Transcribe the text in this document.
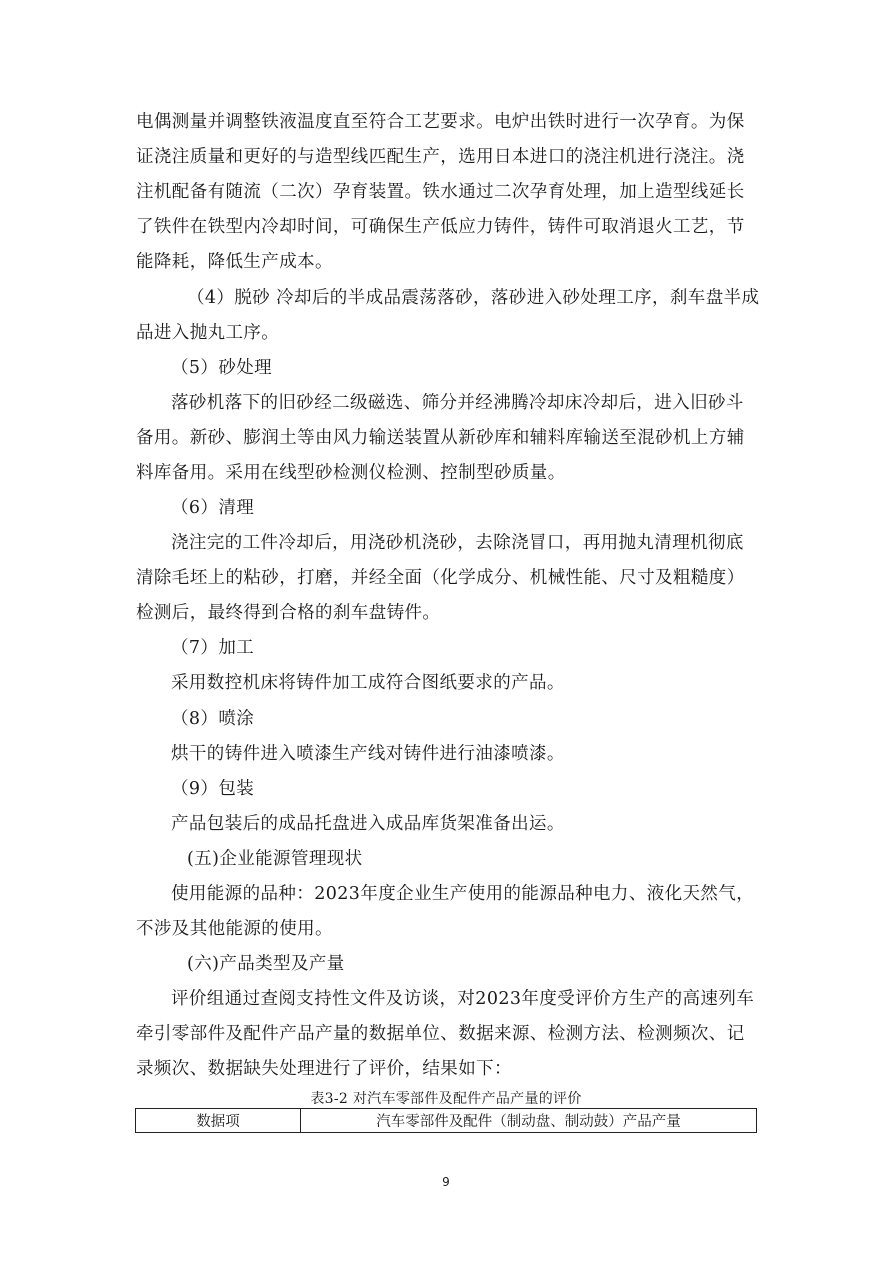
电偶测量并调整铁液温度直至符合工艺要求。电炉出铁时进行一次孕育。为保
证浇注质量和更好的与造型线匹配生产，选用日本进口的浇注机进行浇注。浇
注机配备有随流（二次）孕育装置。铁水通过二次孕育处理，加上造型线延长
了铁件在铁型内冷却时间，可确保生产低应力铸件，铸件可取消退火工艺，节
能降耗，降低生产成本。
（4）脱砂 冷却后的半成品震荡落砂，落砂进入砂处理工序，刹车盘半成
品进入抛丸工序。
（5）砂处理
落砂机落下的旧砂经二级磁选、筛分并经沸腾冷却床冷却后，进入旧砂斗
备用。新砂、膨润土等由风力输送装置从新砂库和辅料库输送至混砂机上方辅
料库备用。采用在线型砂检测仪检测、控制型砂质量。
（6）清理
浇注完的工件冷却后，用浇砂机浇砂，去除浇冒口，再用抛丸清理机彻底
清除毛坯上的粘砂，打磨，并经全面（化学成分、机械性能、尺寸及粗糙度）
检测后，最终得到合格的刹车盘铸件。
（7）加工
采用数控机床将铸件加工成符合图纸要求的产品。
（8）喷涂
烘干的铸件进入喷漆生产线对铸件进行油漆喷漆。
（9）包装
产品包装后的成品托盘进入成品库货架准备出运。
(五)企业能源管理现状
使用能源的品种：2023年度企业生产使用的能源品种电力、液化天然气，
不涉及其他能源的使用。
(六)产品类型及产量
评价组通过查阅支持性文件及访谈，对2023年度受评价方生产的高速列车
牵引零部件及配件产品产量的数据单位、数据来源、检测方法、检测频次、记
录频次、数据缺失处理进行了评价，结果如下：
表3-2 对汽车零部件及配件产品产量的评价
数据项	汽车零部件及配件（制动盘、制动鼓）产品产量
9
